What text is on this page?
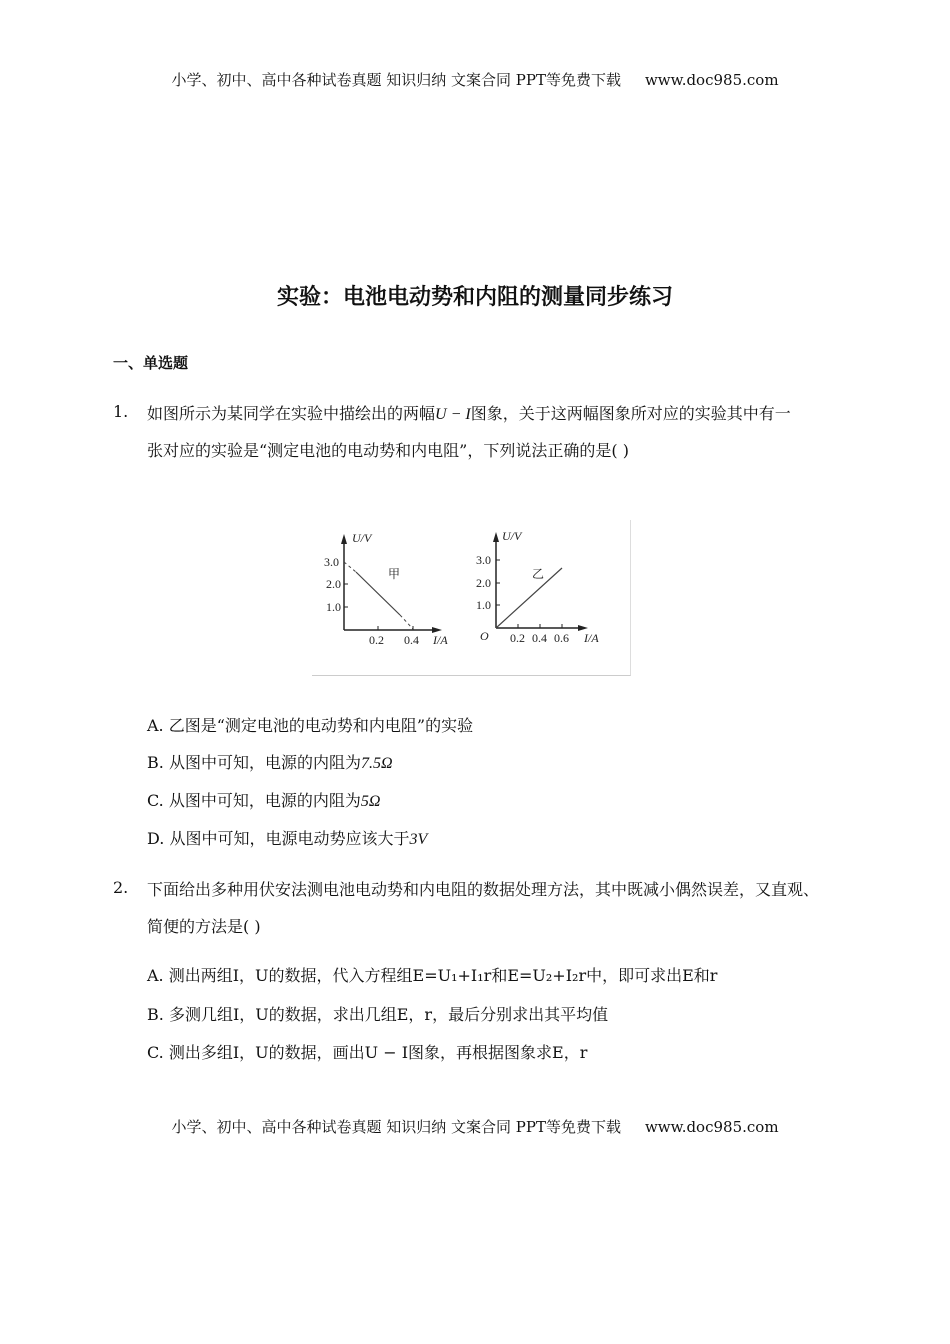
小学、初中、高中各种试卷真题 知识归纳 文案合同 PPT等免费下载 www.doc985.com
实验：电池电动势和内阻的测量同步练习
一、单选题
1. 如图所示为某同学在实验中描绘出的两幅U − I图象，关于这两幅图象所对应的实验其中有一
张对应的实验是“测定电池的电动势和内电阻”，下列说法正确的是( )
U/V
3.0
2.0
1.0
0.2 0.4 I/A
甲
U/V
3.0
2.0
1.0
O 0.2 0.4 0.6 I/A
乙
A. 乙图是“测定电池的电动势和内电阻”的实验
B. 从图中可知，电源的内阻为7.5Ω
C. 从图中可知，电源的内阻为5Ω
D. 从图中可知，电源电动势应该大于3V
2. 下面给出多种用伏安法测电池电动势和内电阻的数据处理方法，其中既减小偶然误差，又直观、
简便的方法是( )
A. 测出两组I，U的数据，代入方程组E=U₁+I₁r和E=U₂+I₂r中，即可求出E和r
B. 多测几组I，U的数据，求出几组E，r，最后分别求出其平均值
C. 测出多组I，U的数据，画出U − I图象，再根据图象求E，r
小学、初中、高中各种试卷真题 知识归纳 文案合同 PPT等免费下载 www.doc985.com
